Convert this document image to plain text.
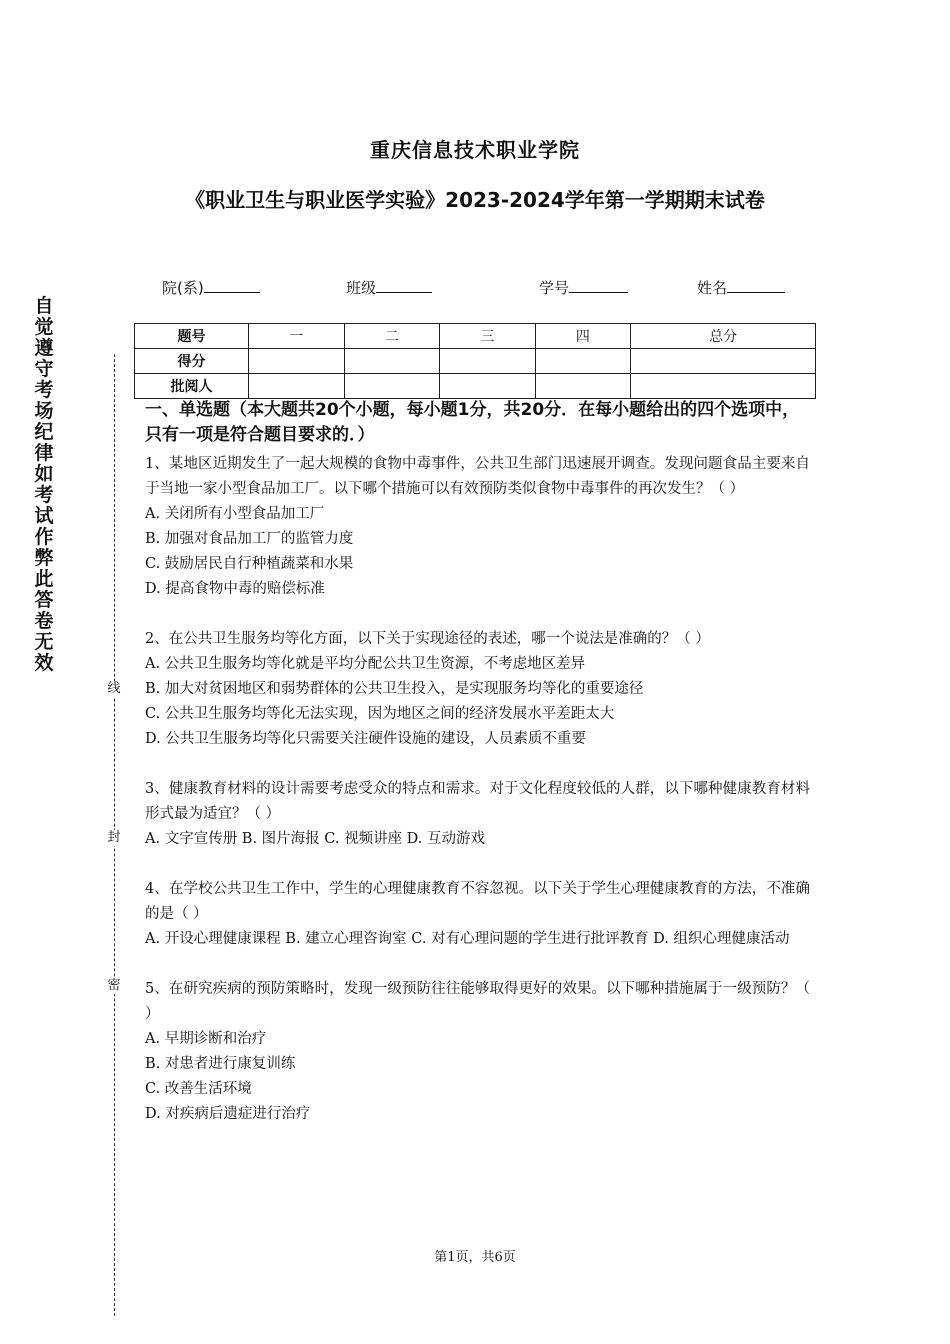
重庆信息技术职业学院
《职业卫生与职业医学实验》2023-2024学年第一学期期末试卷
院(系)	班级	学号	姓名
题号	一	二	三	四	总分
得分					
批阅人					
自觉遵守考场纪律如考试作弊此答卷无效
线
封
密
一、单选题（本大题共20个小题，每小题1分，共20分．在每小题给出的四个选项中，只有一项是符合题目要求的．）

1、某地区近期发生了一起大规模的食物中毒事件，公共卫生部门迅速展开调查。发现问题食品主要来自于当地一家小型食品加工厂。以下哪个措施可以有效预防类似食物中毒事件的再次发生？（ ）

A. 关闭所有小型食品加工厂

B. 加强对食品加工厂的监管力度

C. 鼓励居民自行种植蔬菜和水果

D. 提高食物中毒的赔偿标准

2、在公共卫生服务均等化方面，以下关于实现途径的表述，哪一个说法是准确的？（ ）

A. 公共卫生服务均等化就是平均分配公共卫生资源，不考虑地区差异

B. 加大对贫困地区和弱势群体的公共卫生投入，是实现服务均等化的重要途径

C. 公共卫生服务均等化无法实现，因为地区之间的经济发展水平差距太大

D. 公共卫生服务均等化只需要关注硬件设施的建设，人员素质不重要

3、健康教育材料的设计需要考虑受众的特点和需求。对于文化程度较低的人群，以下哪种健康教育材料形式最为适宜？（ ）

A. 文字宣传册 B. 图片海报 C. 视频讲座 D. 互动游戏

4、在学校公共卫生工作中，学生的心理健康教育不容忽视。以下关于学生心理健康教育的方法，不准确的是（ ）

A. 开设心理健康课程 B. 建立心理咨询室 C. 对有心理问题的学生进行批评教育 D. 组织心理健康活动

5、在研究疾病的预防策略时，发现一级预防往往能够取得更好的效果。以下哪种措施属于一级预防？（ ）

A. 早期诊断和治疗

B. 对患者进行康复训练

C. 改善生活环境

D. 对疾病后遗症进行治疗

第1页，共6页
